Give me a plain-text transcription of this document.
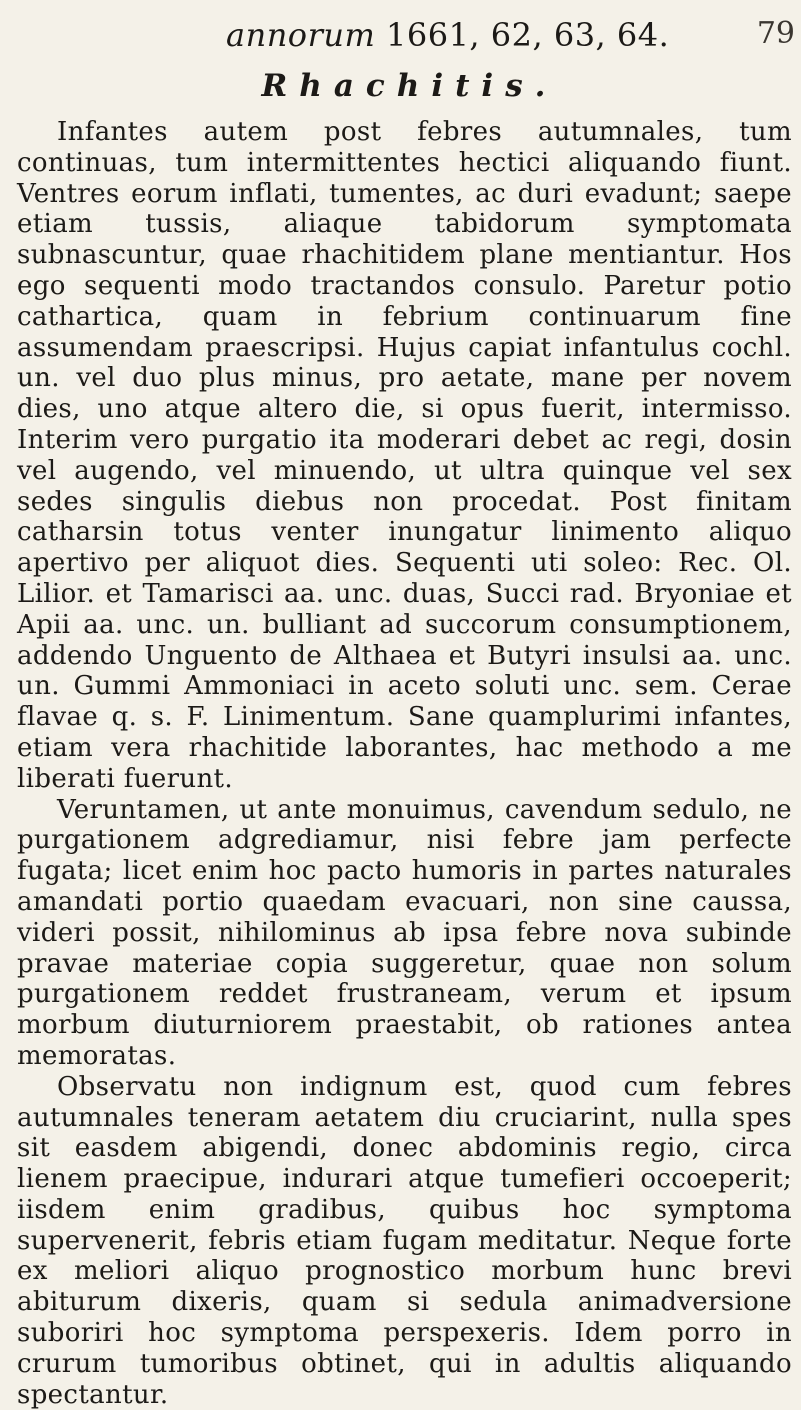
annorum 1661, 62, 63, 64.	79
Rhachitis.

Infantes autem post febres autumnales, tum continuas, tum intermittentes hectici aliquando fiunt. Ventres eorum inflati, tumentes, ac duri evadunt; saepe etiam tussis, aliaque tabidorum symptomata subnascuntur, quae rhachitidem plane mentiantur. Hos ego sequenti modo tractandos consulo. Paretur potio cathartica, quam in febrium continuarum fine assumendam praescripsi. Hujus capiat infantulus cochl. un. vel duo plus minus, pro aetate, mane per novem dies, uno atque altero die, si opus fuerit, intermisso. Interim vero purgatio ita moderari debet ac regi, dosin vel augendo, vel minuendo, ut ultra quinque vel sex sedes singulis diebus non procedat. Post finitam catharsin totus venter inungatur linimento aliquo apertivo per aliquot dies. Sequenti uti soleo: Rec. Ol. Lilior. et Tamarisci aa. unc. duas, Succi rad. Bryoniae et Apii aa. unc. un. bulliant ad succorum consumptionem, addendo Unguento de Althaea et Butyri insulsi aa. unc. un. Gummi Ammoniaci in aceto soluti unc. sem. Cerae flavae q. s. F. Linimentum. Sane quamplurimi infantes, etiam vera rhachitide laborantes, hac methodo a me liberati fuerunt.

Veruntamen, ut ante monuimus, cavendum sedulo, ne purgationem adgrediamur, nisi febre jam perfecte fugata; licet enim hoc pacto humoris in partes naturales amandati portio quaedam evacuari, non sine caussa, videri possit, nihilominus ab ipsa febre nova subinde pravae materiae copia suggeretur, quae non solum purgationem reddet frustraneam, verum et ipsum morbum diuturniorem praestabit, ob rationes antea memoratas.

Observatu non indignum est, quod cum febres autumnales teneram aetatem diu cruciarint, nulla spes sit easdem abigendi, donec abdominis regio, circa lienem praecipue, indurari atque tumefieri occoeperit; iisdem enim gradibus, quibus hoc symptoma supervenerit, febris etiam fugam meditatur. Neque forte ex meliori aliquo prognostico morbum hunc brevi abiturum dixeris, quam si sedula animadversione suboriri hoc symptoma perspexeris. Idem porro in crurum tumoribus obtinet, qui in adultis aliquando spectantur.
